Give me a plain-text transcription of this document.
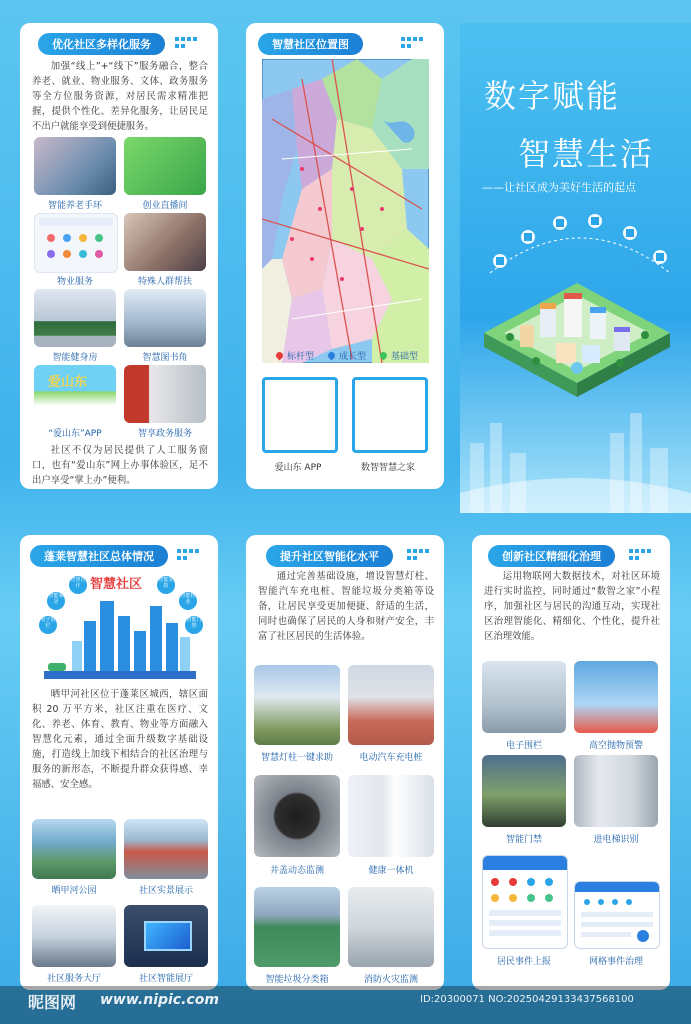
优化社区多样化服务
加强“线上”+“线下”服务融合，整合养老、就业、物业服务、文体、政务服务等全方位服务资源，对居民需求精准把握，提供个性化、差异化服务，让居民足不出户就能享受到便捷服务。
智能养老手环	创业直播间
物业服务	特殊人群帮扶
智能健身房	智慧图书角
爱山东
“爱山东”APP	智享政务服务
社区不仅为居民提供了人工服务窗口，也有“爱山东”网上办事体验区，足不出户享受“掌上办”便利。
智慧社区位置图
标杆型	成长型	基础型
爱山东 APP	数智智慧之家
数字赋能
智慧生活
——让社区成为美好生活的起点
蓬莱智慧社区总体情况
智慧社区
智能家居
智慧医疗
智能安防
智能物业
电子围栏
智能门禁
晒甲河社区位于蓬莱区城西，辖区面积 20 万平方米，社区注重在医疗、文化、养老、体育、教育、物业等方面融入智慧化元素，通过全面升级数字基础设施，打造线上加线下相结合的社区治理与服务的新形态，不断提升群众获得感、幸福感、安全感。
晒甲河公园	社区实景展示
社区服务大厅	社区智能展厅
提升社区智能化水平
通过完善基础设施，增设智慧灯柱、智能汽车充电桩、智能垃圾分类箱等设备，让居民享受更加便捷、舒适的生活，同时也确保了居民的人身和财产安全，丰富了社区居民的生活体验。
智慧灯柱一键求助	电动汽车充电桩
井盖动态监测	健康一体机
智能垃圾分类箱	消防火灾监测
创新社区精细化治理
运用物联网大数据技术，对社区环境进行实时监控，同时通过“数智之家”小程序，加强社区与居民的沟通互动，实现社区治理智能化、精细化、个性化，提升社区治理效能。
电子围栏	高空抛物预警
智能门禁	进电梯识别
居民事件上报	网格事件治理
昵图网 www.nipic.com	ID:20300071 NO:20250429133437568100
